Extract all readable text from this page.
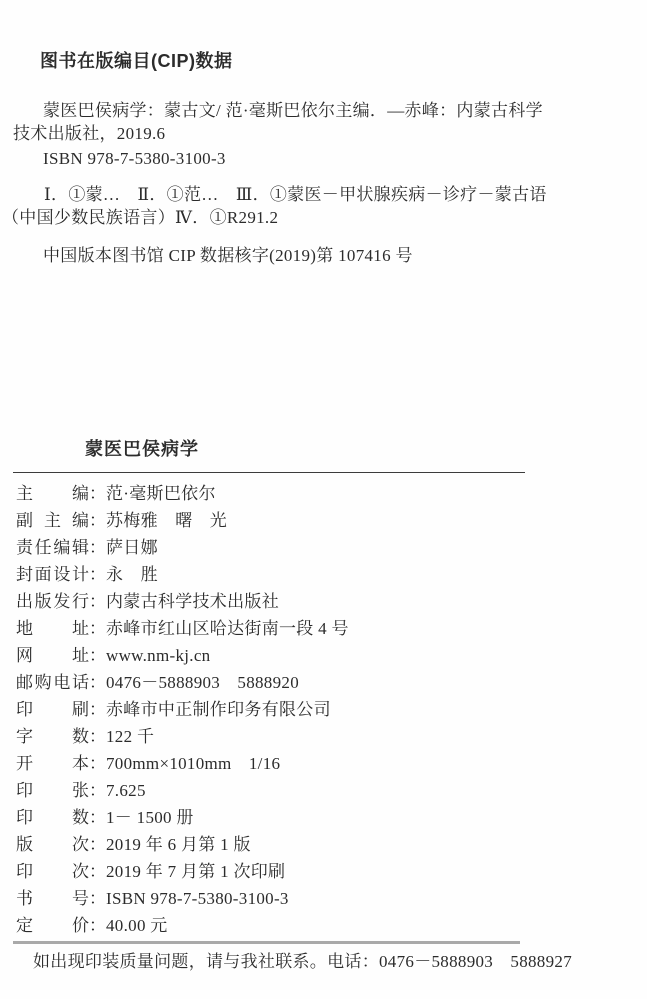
图书在版编目(CIP)数据
蒙医巴侯病学：蒙古文/ 范·毫斯巴依尔主编．—赤峰：内蒙古科学
技术出版社，2019.6
ISBN 978-7-5380-3100-3
Ⅰ．①蒙…　Ⅱ．①范…　Ⅲ．①蒙医－甲状腺疾病－诊疗－蒙古语
（中国少数民族语言）Ⅳ．①R291.2
中国版本图书馆 CIP 数据核字(2019)第 107416 号
蒙医巴侯病学
主 编 ： 范·毫斯巴依尔
副 主 编 ： 苏梅雅　曙　光
责 任 编 辑 ： 萨日娜
封 面 设 计 ： 永　胜
出 版 发 行 ： 内蒙古科学技术出版社
地 址 ： 赤峰市红山区哈达街南一段 4 号
网 址 ： www.nm-kj.cn
邮 购 电 话 ： 0476－5888903　5888920
印 刷 ： 赤峰市中正制作印务有限公司
字 数 ： 122 千
开 本 ： 700mm×1010mm　1/16
印 张 ： 7.625
印 数 ： 1－ 1500 册
版 次 ： 2019 年 6 月第 1 版
印 次 ： 2019 年 7 月第 1 次印刷
书 号 ： ISBN 978-7-5380-3100-3
定 价 ： 40.00 元
如出现印装质量问题，请与我社联系。电话：0476－5888903　5888927
